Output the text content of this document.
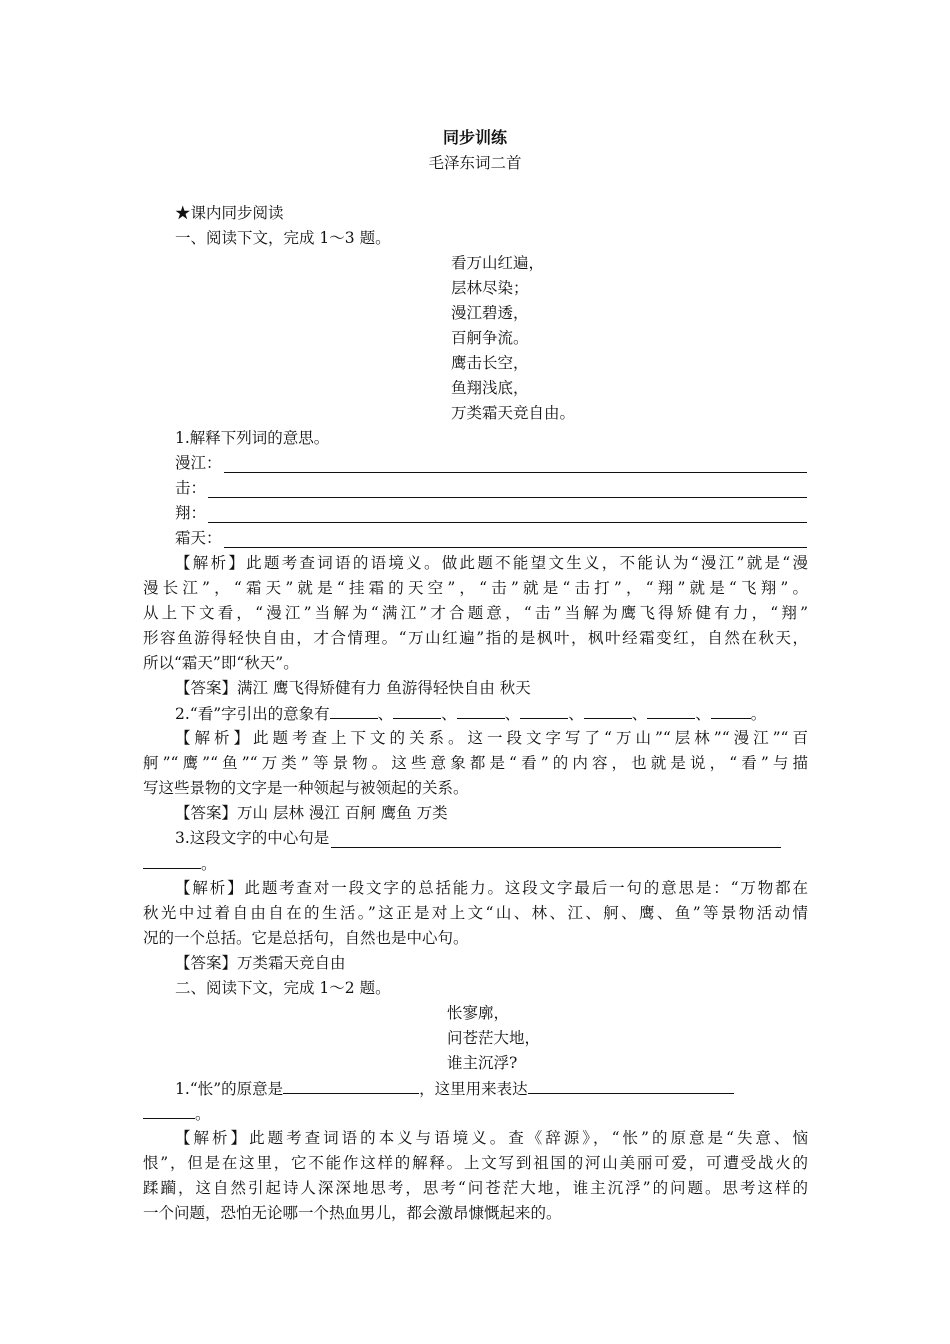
同步训练
毛泽东词二首
★课内同步阅读
一、阅读下文，完成 1～3 题。
看万山红遍，
层林尽染；
漫江碧透，
百舸争流。
鹰击长空，
鱼翔浅底，
万类霜天竞自由。
1.解释下列词的意思。
漫江：
击：
翔：
霜天：
【解析】此题考查词语的语境义。做此题不能望文生义，不能认为“漫江”就是“漫
漫长江”，“霜天”就是“挂霜的天空”，“击”就是“击打”，“翔”就是“飞翔”。
从上下文看，“漫江”当解为“满江”才合题意，“击”当解为鹰飞得矫健有力，“翔”
形容鱼游得轻快自由，才合情理。“万山红遍”指的是枫叶，枫叶经霜变红，自然在秋天，
所以“霜天”即“秋天”。
【答案】满江 鹰飞得矫健有力 鱼游得轻快自由 秋天
2.“看”字引出的意象有	、	、	、	、	、	、	。
【解析】此题考查上下文的关系。这一段文字写了“万山”“层林”“漫江”“百
舸”“鹰”“鱼”“万类”等景物。这些意象都是“看”的内容，也就是说，“看”与描
写这些景物的文字是一种领起与被领起的关系。
【答案】万山 层林 漫江 百舸 鹰鱼 万类
3.这段文字的中心句是
。
【解析】此题考查对一段文字的总括能力。这段文字最后一句的意思是：“万物都在
秋光中过着自由自在的生活。”这正是对上文“山、林、江、舸、鹰、鱼”等景物活动情
况的一个总括。它是总括句，自然也是中心句。
【答案】万类霜天竞自由
二、阅读下文，完成 1～2 题。
怅寥廓，
问苍茫大地，
谁主沉浮?
1.“怅”的原意是	，这里用来表达
。
【解析】此题考查词语的本义与语境义。查《辞源》，“怅”的原意是“失意、恼
恨”，但是在这里，它不能作这样的解释。上文写到祖国的河山美丽可爱，可遭受战火的
蹂躏，这自然引起诗人深深地思考，思考“问苍茫大地，谁主沉浮”的问题。思考这样的
一个问题，恐怕无论哪一个热血男儿，都会激昂慷慨起来的。
